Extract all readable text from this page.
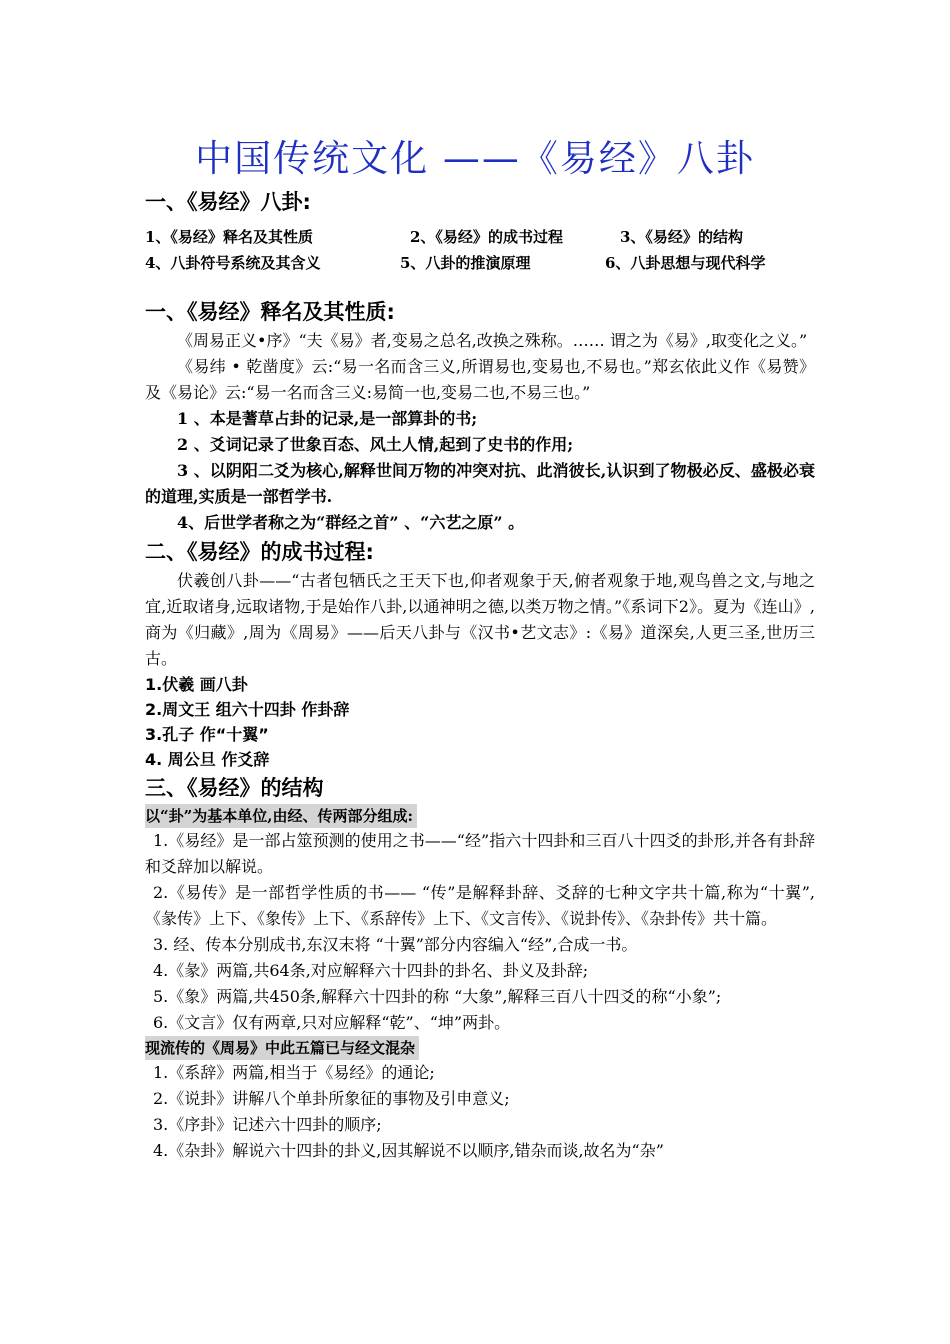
中国传统文化 ——《易经》八卦
一、《易经》八卦:
1、《易经》释名及其性质	2、《易经》的成书过程	3、《易经》的结构
4、八卦符号系统及其含义	5、八卦的推演原理	6、八卦思想与现代科学
一、《易经》释名及其性质:

《周易正义•序》“夫《易》者,变易之总名,改换之殊称。…… 谓之为《易》,取变化之义。”

《易纬 • 乾凿度》云:“易一名而含三义,所谓易也,变易也,不易也。”郑玄依此义作《易赞》及《易论》云:“易一名而含三义:易简一也,变易二也,不易三也。”

1 、本是蓍草占卦的记录,是一部算卦的书;

2 、爻词记录了世象百态、风土人情,起到了史书的作用;

3 、以阴阳二爻为核心,解释世间万物的冲突对抗、此消彼长,认识到了物极必反、盛极必衰的道理,实质是一部哲学书.

4、后世学者称之为“群经之首” 、“六艺之原” 。

二、《易经》的成书过程:

伏羲创八卦——“古者包牺氏之王天下也,仰者观象于天,俯者观象于地,观鸟兽之文,与地之宜,近取诸身,远取诸物,于是始作八卦,以通神明之德,以类万物之情。”《系词下2》。夏为《连山》,商为《归藏》,周为《周易》——后天八卦与《汉书•艺文志》:《易》道深矣,人更三圣,世历三古。

1.伏羲 画八卦
2.周文王 组六十四卦 作卦辞
3.孔子 作“十翼”
4. 周公旦 作爻辞
三、《易经》的结构
以“卦”为基本单位,由经、传两部分组成:

1.《易经》是一部占筮预测的使用之书——“经”指六十四卦和三百八十四爻的卦形,并各有卦辞和爻辞加以解说。

2.《易传》是一部哲学性质的书—— “传”是解释卦辞、爻辞的七种文字共十篇,称为“十翼”,《彖传》上下、《象传》上下、《系辞传》上下、《文言传》、《说卦传》、《杂卦传》共十篇。

3. 经、传本分别成书,东汉末将 “十翼”部分内容编入“经”,合成一书。

4.《彖》两篇,共64条,对应解释六十四卦的卦名、卦义及卦辞;

5.《象》两篇,共450条,解释六十四卦的称 “大象”,解释三百八十四爻的称“小象”;

6.《文言》仅有两章,只对应解释“乾”、“坤”两卦。

现流传的《周易》中此五篇已与经文混杂

1.《系辞》两篇,相当于《易经》的通论;

2.《说卦》讲解八个单卦所象征的事物及引申意义;

3.《序卦》记述六十四卦的顺序;

4.《杂卦》解说六十四卦的卦义,因其解说不以顺序,错杂而谈,故名为“杂”
